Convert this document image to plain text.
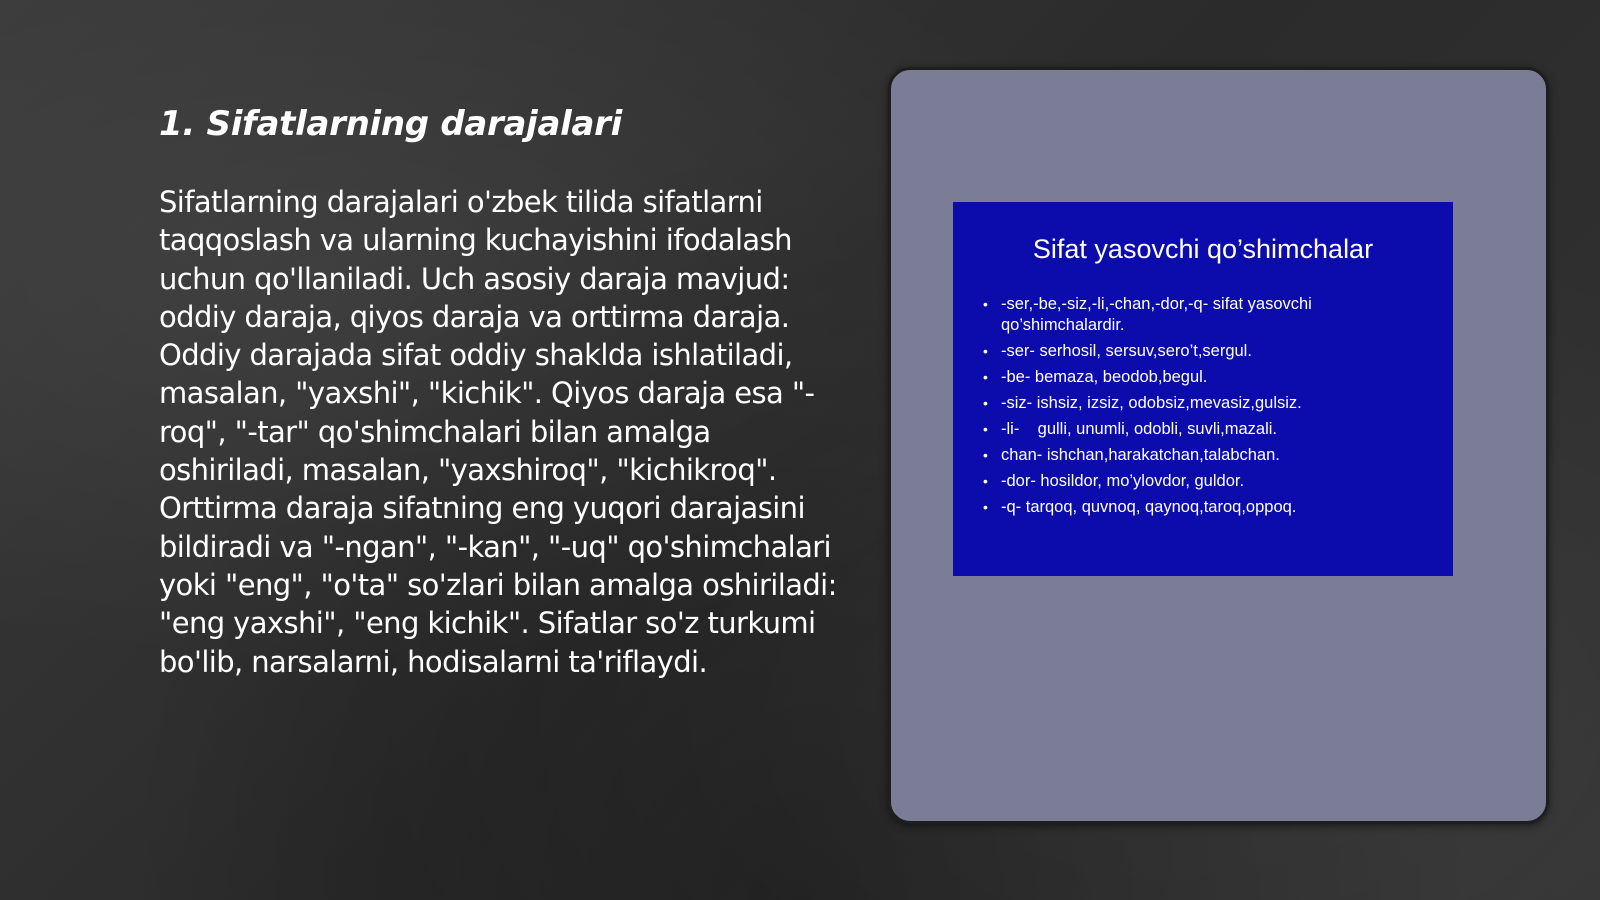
1. Sifatlarning darajalari

Sifatlarning darajalari o'zbek tilida sifatlarni taqqoslash va ularning kuchayishini ifodalash uchun qo'llaniladi. Uch asosiy daraja mavjud: oddiy daraja, qiyos daraja va orttirma daraja. Oddiy darajada sifat oddiy shaklda ishlatiladi, masalan, "yaxshi", "kichik". Qiyos daraja esa "-roq", "-tar" qo'shimchalari bilan amalga oshiriladi, masalan, "yaxshiroq", "kichikroq". Orttirma daraja sifatning eng yuqori darajasini bildiradi va "-ngan", "-kan", "-uq" qo'shimchalari yoki "eng", "o'ta" so'zlari bilan amalga oshiriladi: "eng yaxshi", "eng kichik". Sifatlar so'z turkumi bo'lib, narsalarni, hodisalarni ta'riflaydi.

Sifat yasovchi qo’shimchalar
• -ser,-be,-siz,-li,-chan,-dor,-q- sifat yasovchi qo’shimchalardir.
• -ser- serhosil, sersuv,sero’t,sergul.
• -be- bemaza, beodob,begul.
• -siz- ishsiz, izsiz, odobsiz,mevasiz,gulsiz.
• -li-    gulli, unumli, odobli, suvli,mazali.
• chan- ishchan,harakatchan,talabchan.
• -dor- hosildor, mo’ylovdor, guldor.
• -q- tarqoq, quvnoq, qaynoq,taroq,oppoq.
